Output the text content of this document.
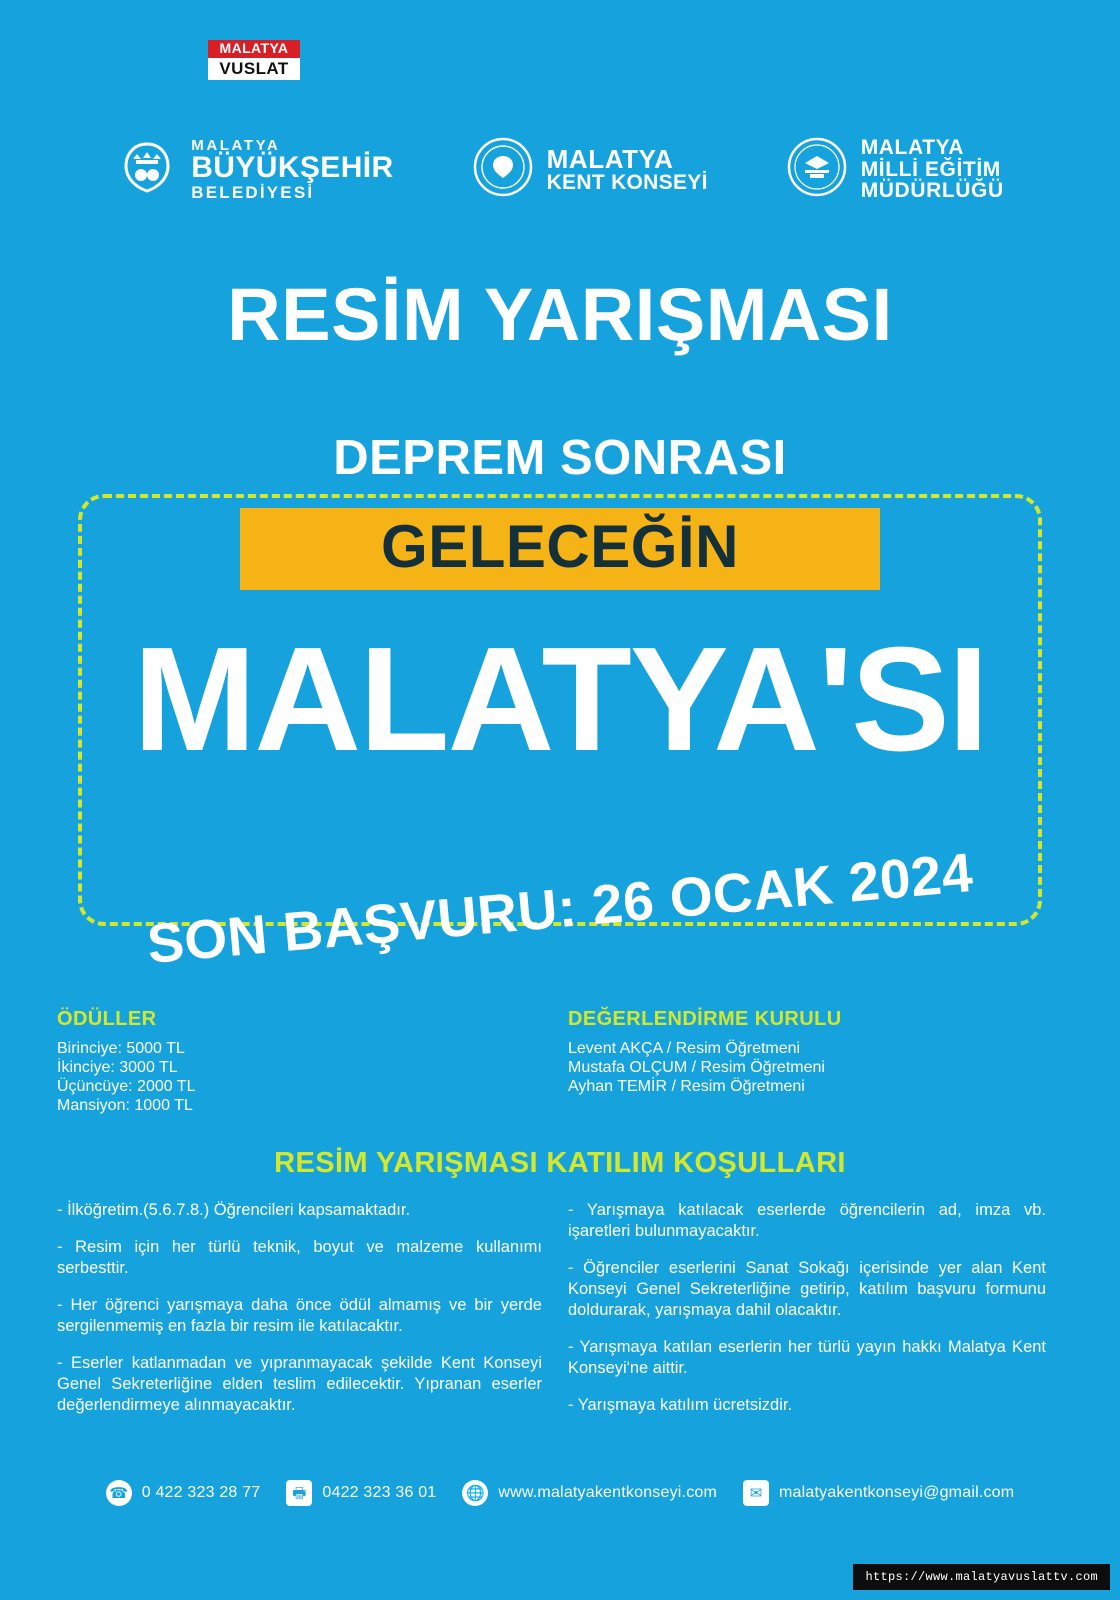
MALATYA
VUSLAT
MALATYA
BÜYÜKŞEHİR
BELEDİYESİ
MALATYA
KENT KONSEYİ
MALATYA
MİLLİ EĞİTİM
MÜDÜRLÜĞÜ
RESİM YARIŞMASI
DEPREM SONRASI
GELECEĞİN
MALATYA'SI
SON BAŞVURU: 26 OCAK 2024
ÖDÜLLER
Birinciye: 5000 TL
İkinciye: 3000 TL
Üçüncüye: 2000 TL
Mansiyon: 1000 TL
DEĞERLENDİRME KURULU
Levent AKÇA / Resim Öğretmeni
Mustafa OLÇUM / Resim Öğretmeni
Ayhan TEMİR / Resim Öğretmeni
RESİM YARIŞMASI KATILIM KOŞULLARI
- İlköğretim.(5.6.7.8.) Öğrencileri kapsamaktadır.
- Resim için her türlü teknik, boyut ve malzeme kullanımı serbesttir.
- Her öğrenci yarışmaya daha önce ödül almamış ve bir yerde sergilenmemiş en fazla bir resim ile katılacaktır.
- Eserler katlanmadan ve yıpranmayacak şekilde Kent Konseyi Genel Sekreterliğine elden teslim edilecektir. Yıpranan eserler değerlendirmeye alınmayacaktır.
- Yarışmaya katılacak eserlerde öğrencilerin ad, imza vb. işaretleri bulunmayacaktır.
- Öğrenciler eserlerini Sanat Sokağı içerisinde yer alan Kent Konseyi Genel Sekreterliğine getirip, katılım başvuru formunu doldurarak, yarışmaya dahil olacaktır.
- Yarışmaya katılan eserlerin her türlü yayın hakkı Malatya Kent Konseyi'ne aittir.
- Yarışmaya katılım ücretsizdir.
☎ 0 422 323 28 77	🖶 0422 323 36 01 🌐 www.malatyakentkonseyi.com	✉	malatyakentkonseyi@gmail.com
https://www.malatyavuslattv.com
